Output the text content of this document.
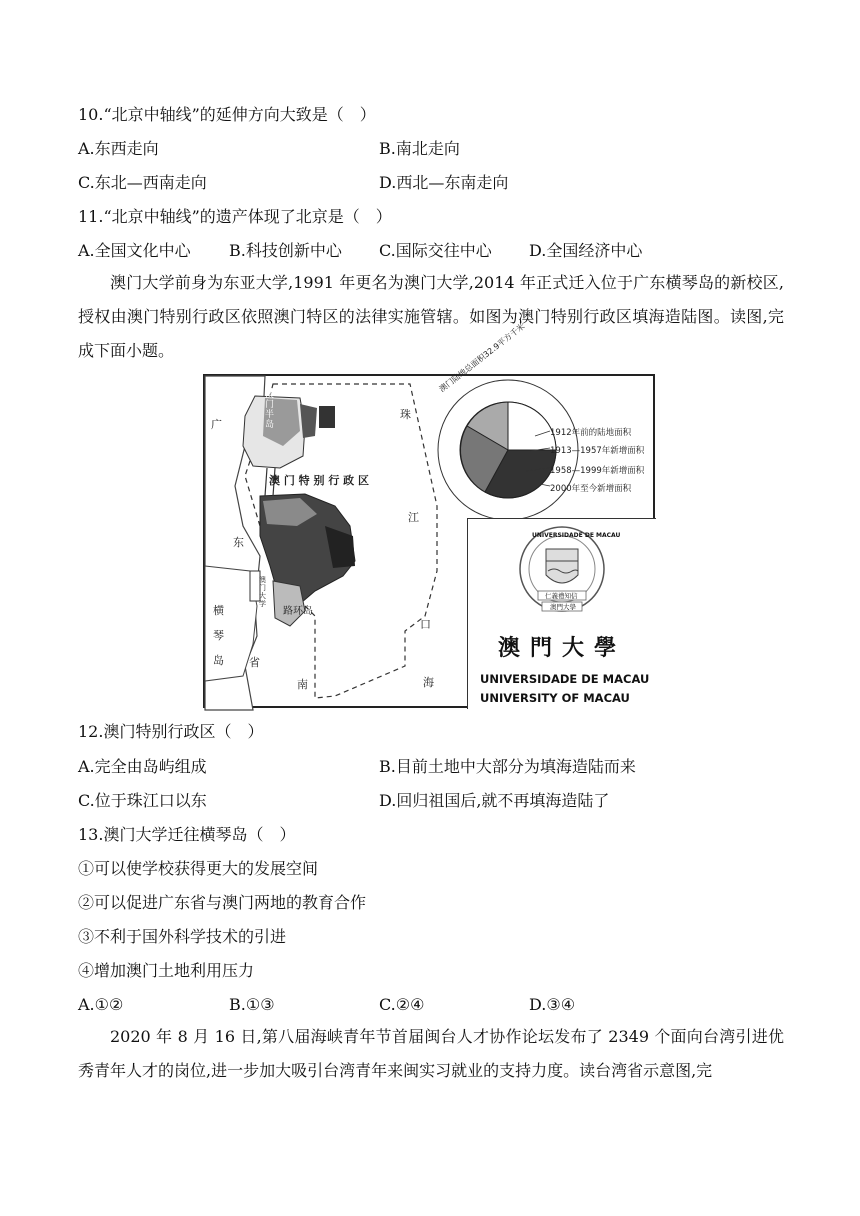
10.“北京中轴线”的延伸方向大致是（　）
A.东西走向	B.南北走向
C.东北—西南走向	D.西北—东南走向
11.“北京中轴线”的遗产体现了北京是（　）
A.全国文化中心 B.科技创新中心 C.国际交往中心 D.全国经济中心
澳门大学前身为东亚大学,1991 年更名为澳门大学,2014 年正式迁入位于广东横琴岛的新校区,授权由澳门特别行政区依照澳门特区的法律实施管辖。如图为澳门特别行政区填海造陆图。读图,完成下面小题。
广
东
省
横
琴
岛
澳门半岛
澳 门 特 别 行 政 区
路环岛
澳门大学
珠
江
口
南	海
澳门陆地总面积32.9平方千米
1912年前的陆地面积
1913—1957年新增面积
1958—1999年新增面积
2000年至今新增面积
UNIVERSIDADE DE MACAU
仁義禮知信
澳門大學
澳門大學
UNIVERSIDADE DE MACAU
UNIVERSITY OF MACAU
12.澳门特别行政区（　）
A.完全由岛屿组成	B.目前土地中大部分为填海造陆而来
C.位于珠江口以东	D.回归祖国后,就不再填海造陆了
13.澳门大学迁往横琴岛（　）
①可以使学校获得更大的发展空间
②可以促进广东省与澳门两地的教育合作
③不利于国外科学技术的引进
④增加澳门土地利用压力
A.①②	B.①③	C.②④	D.③④
2020 年 8 月 16 日,第八届海峡青年节首届闽台人才协作论坛发布了 2349 个面向台湾引进优秀青年人才的岗位,进一步加大吸引台湾青年来闽实习就业的支持力度。读台湾省示意图,完
